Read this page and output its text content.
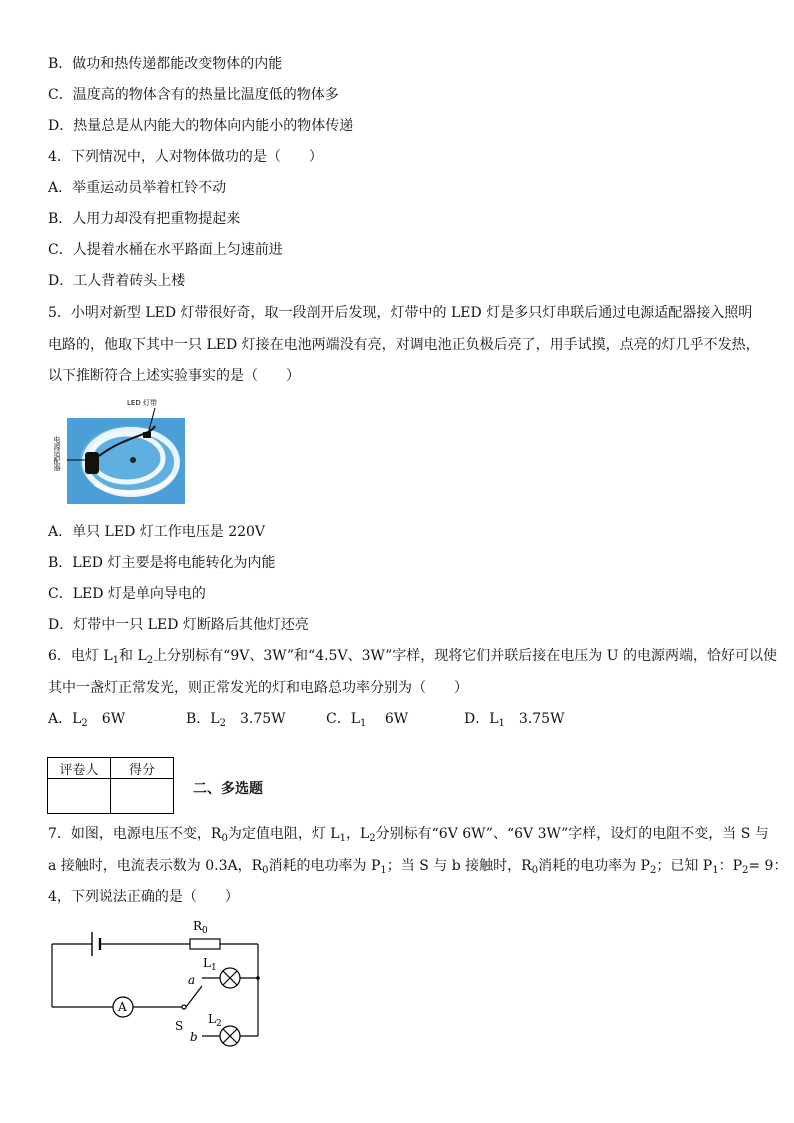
B．做功和热传递都能改变物体的内能
C．温度高的物体含有的热量比温度低的物体多
D．热量总是从内能大的物体向内能小的物体传递
4．下列情况中，人对物体做功的是（　　）
A．举重运动员举着杠铃不动
B．人用力却没有把重物提起来
C．人提着水桶在水平路面上匀速前进
D．工人背着砖头上楼
5．小明对新型 LED 灯带很好奇，取一段剖开后发现，灯带中的 LED 灯是多只灯串联后通过电源适配器接入照明
电路的，他取下其中一只 LED 灯接在电池两端没有亮，对调电池正负极后亮了，用手试摸，点亮的灯几乎不发热，
以下推断符合上述实验事实的是（　　）
LED 灯带
电源适配器
A．单只 LED 灯工作电压是 220V
B．LED 灯主要是将电能转化为内能
C．LED 灯是单向导电的
D．灯带中一只 LED 灯断路后其他灯还亮
6．电灯 $L_1$和 $L_2$上分别标有“9V、3W”和“4.5V、3W”字样，现将它们并联后接在电压为 U 的电源两端，恰好可以使
其中一盏灯正常发光，则正常发光的灯和电路总功率分别为（　　）
A．$L_2$　6W	B．$L_2$　3.75W	C．$L_1$　 6W	D．$L_1$　3.75W
评卷人	得分

二、多选题
7．如图，电源电压不变，$R_0$为定值电阻，灯 $L_1$，$L_2$分别标有“6V 6W”、“6V 3W”字样，设灯的电阻不变，当 S 与
a 接触时，电流表示数为 0.3A，$R_0$消耗的电功率为 $P_1$；当 S 与 b 接触时，$R_0$消耗的电功率为 $P_2$；已知 $P_1$：$P_2= 9$：
4，下列说法正确的是（　　）
$R_0$
$L_1$
a
A
S $L_2$
b
